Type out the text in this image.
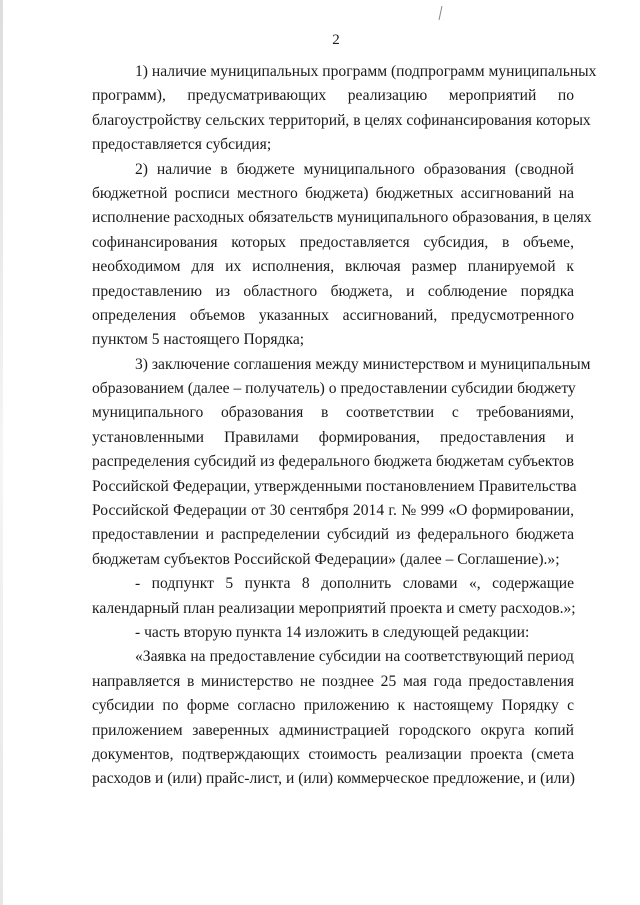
2
1) наличие муниципальных программ (подпрограмм муниципальных
программ), предусматривающих реализацию мероприятий по
благоустройству сельских территорий, в целях софинансирования которых
предоставляется субсидия;
2) наличие в бюджете муниципального образования (сводной
бюджетной росписи местного бюджета) бюджетных ассигнований на
исполнение расходных обязательств муниципального образования, в целях
софинансирования которых предоставляется субсидия, в объеме,
необходимом для их исполнения, включая размер планируемой к
предоставлению из областного бюджета, и соблюдение порядка
определения объемов указанных ассигнований, предусмотренного
пунктом 5 настоящего Порядка;
3) заключение соглашения между министерством и муниципальным
образованием (далее – получатель) о предоставлении субсидии бюджету
муниципального образования в соответствии с требованиями,
установленными Правилами формирования, предоставления и
распределения субсидий из федерального бюджета бюджетам субъектов
Российской Федерации, утвержденными постановлением Правительства
Российской Федерации от 30 сентября 2014 г. № 999 «О формировании,
предоставлении и распределении субсидий из федерального бюджета
бюджетам субъектов Российской Федерации» (далее – Соглашение).»;
- подпункт 5 пункта 8 дополнить словами «, содержащие
календарный план реализации мероприятий проекта и смету расходов.»;
- часть вторую пункта 14 изложить в следующей редакции:
«Заявка на предоставление субсидии на соответствующий период
направляется в министерство не позднее 25 мая года предоставления
субсидии по форме согласно приложению к настоящему Порядку с
приложением заверенных администрацией городского округа копий
документов, подтверждающих стоимость реализации проекта (смета
расходов и (или) прайс-лист, и (или) коммерческое предложение, и (или)
